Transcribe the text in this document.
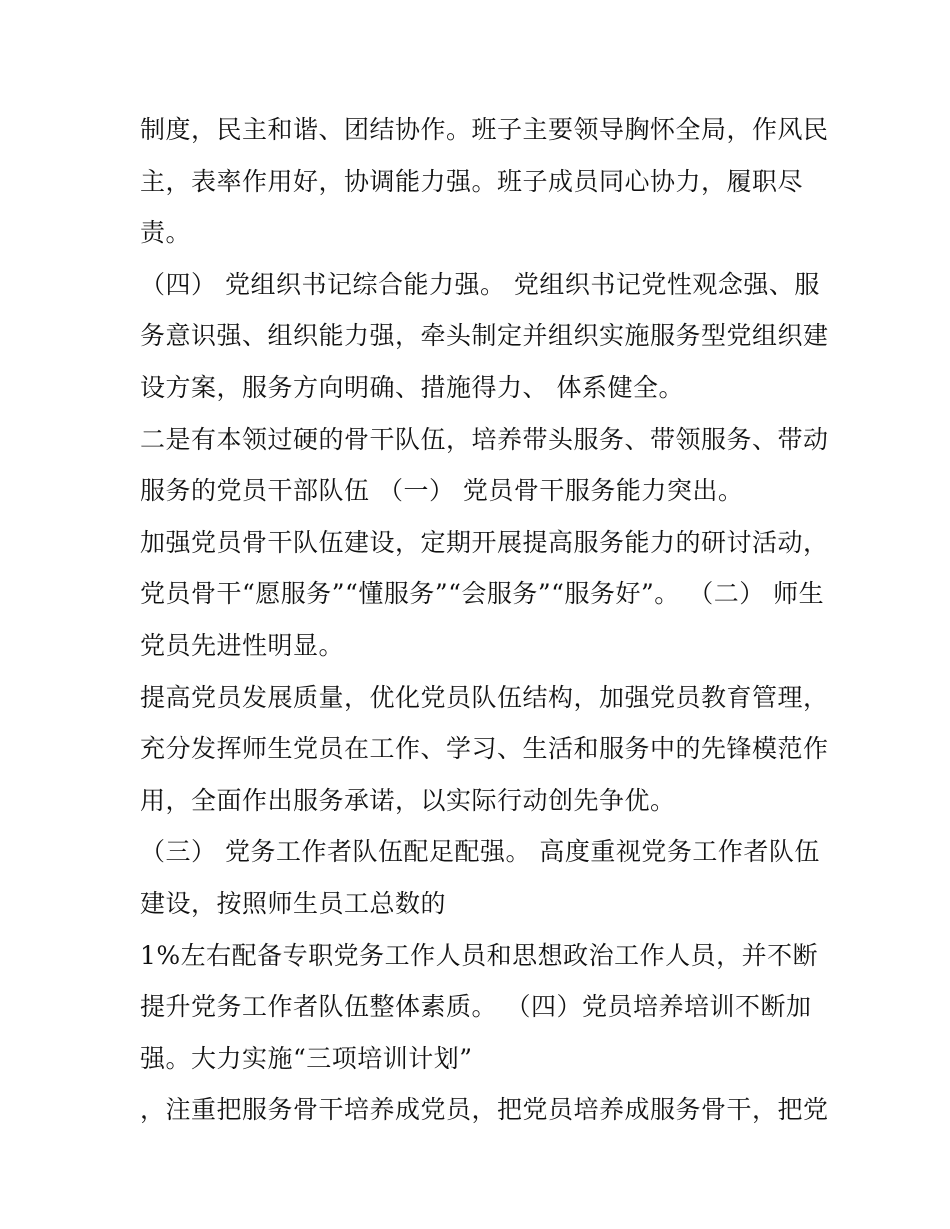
制度，民主和谐、团结协作。班子主要领导胸怀全局，作风民
主，表率作用好，协调能力强。班子成员同心协力，履职尽
责。
（四） 党组织书记综合能力强。 党组织书记党性观念强、服
务意识强、组织能力强，牵头制定并组织实施服务型党组织建
设方案，服务方向明确、措施得力、 体系健全。
二是有本领过硬的骨干队伍，培养带头服务、带领服务、带动
服务的党员干部队伍 （一） 党员骨干服务能力突出。
加强党员骨干队伍建设，定期开展提高服务能力的研讨活动，
党员骨干“愿服务”“懂服务”“会服务”“服务好”。 （二） 师生
党员先进性明显。
提高党员发展质量，优化党员队伍结构，加强党员教育管理，
充分发挥师生党员在工作、学习、生活和服务中的先锋模范作
用，全面作出服务承诺，以实际行动创先争优。
（三） 党务工作者队伍配足配强。 高度重视党务工作者队伍
建设，按照师生员工总数的
1%左右配备专职党务工作人员和思想政治工作人员，并不断
提升党务工作者队伍整体素质。 （四）党员培养培训不断加
强。大力实施“三项培训计划”
，注重把服务骨干培养成党员，把党员培养成服务骨干，把党
